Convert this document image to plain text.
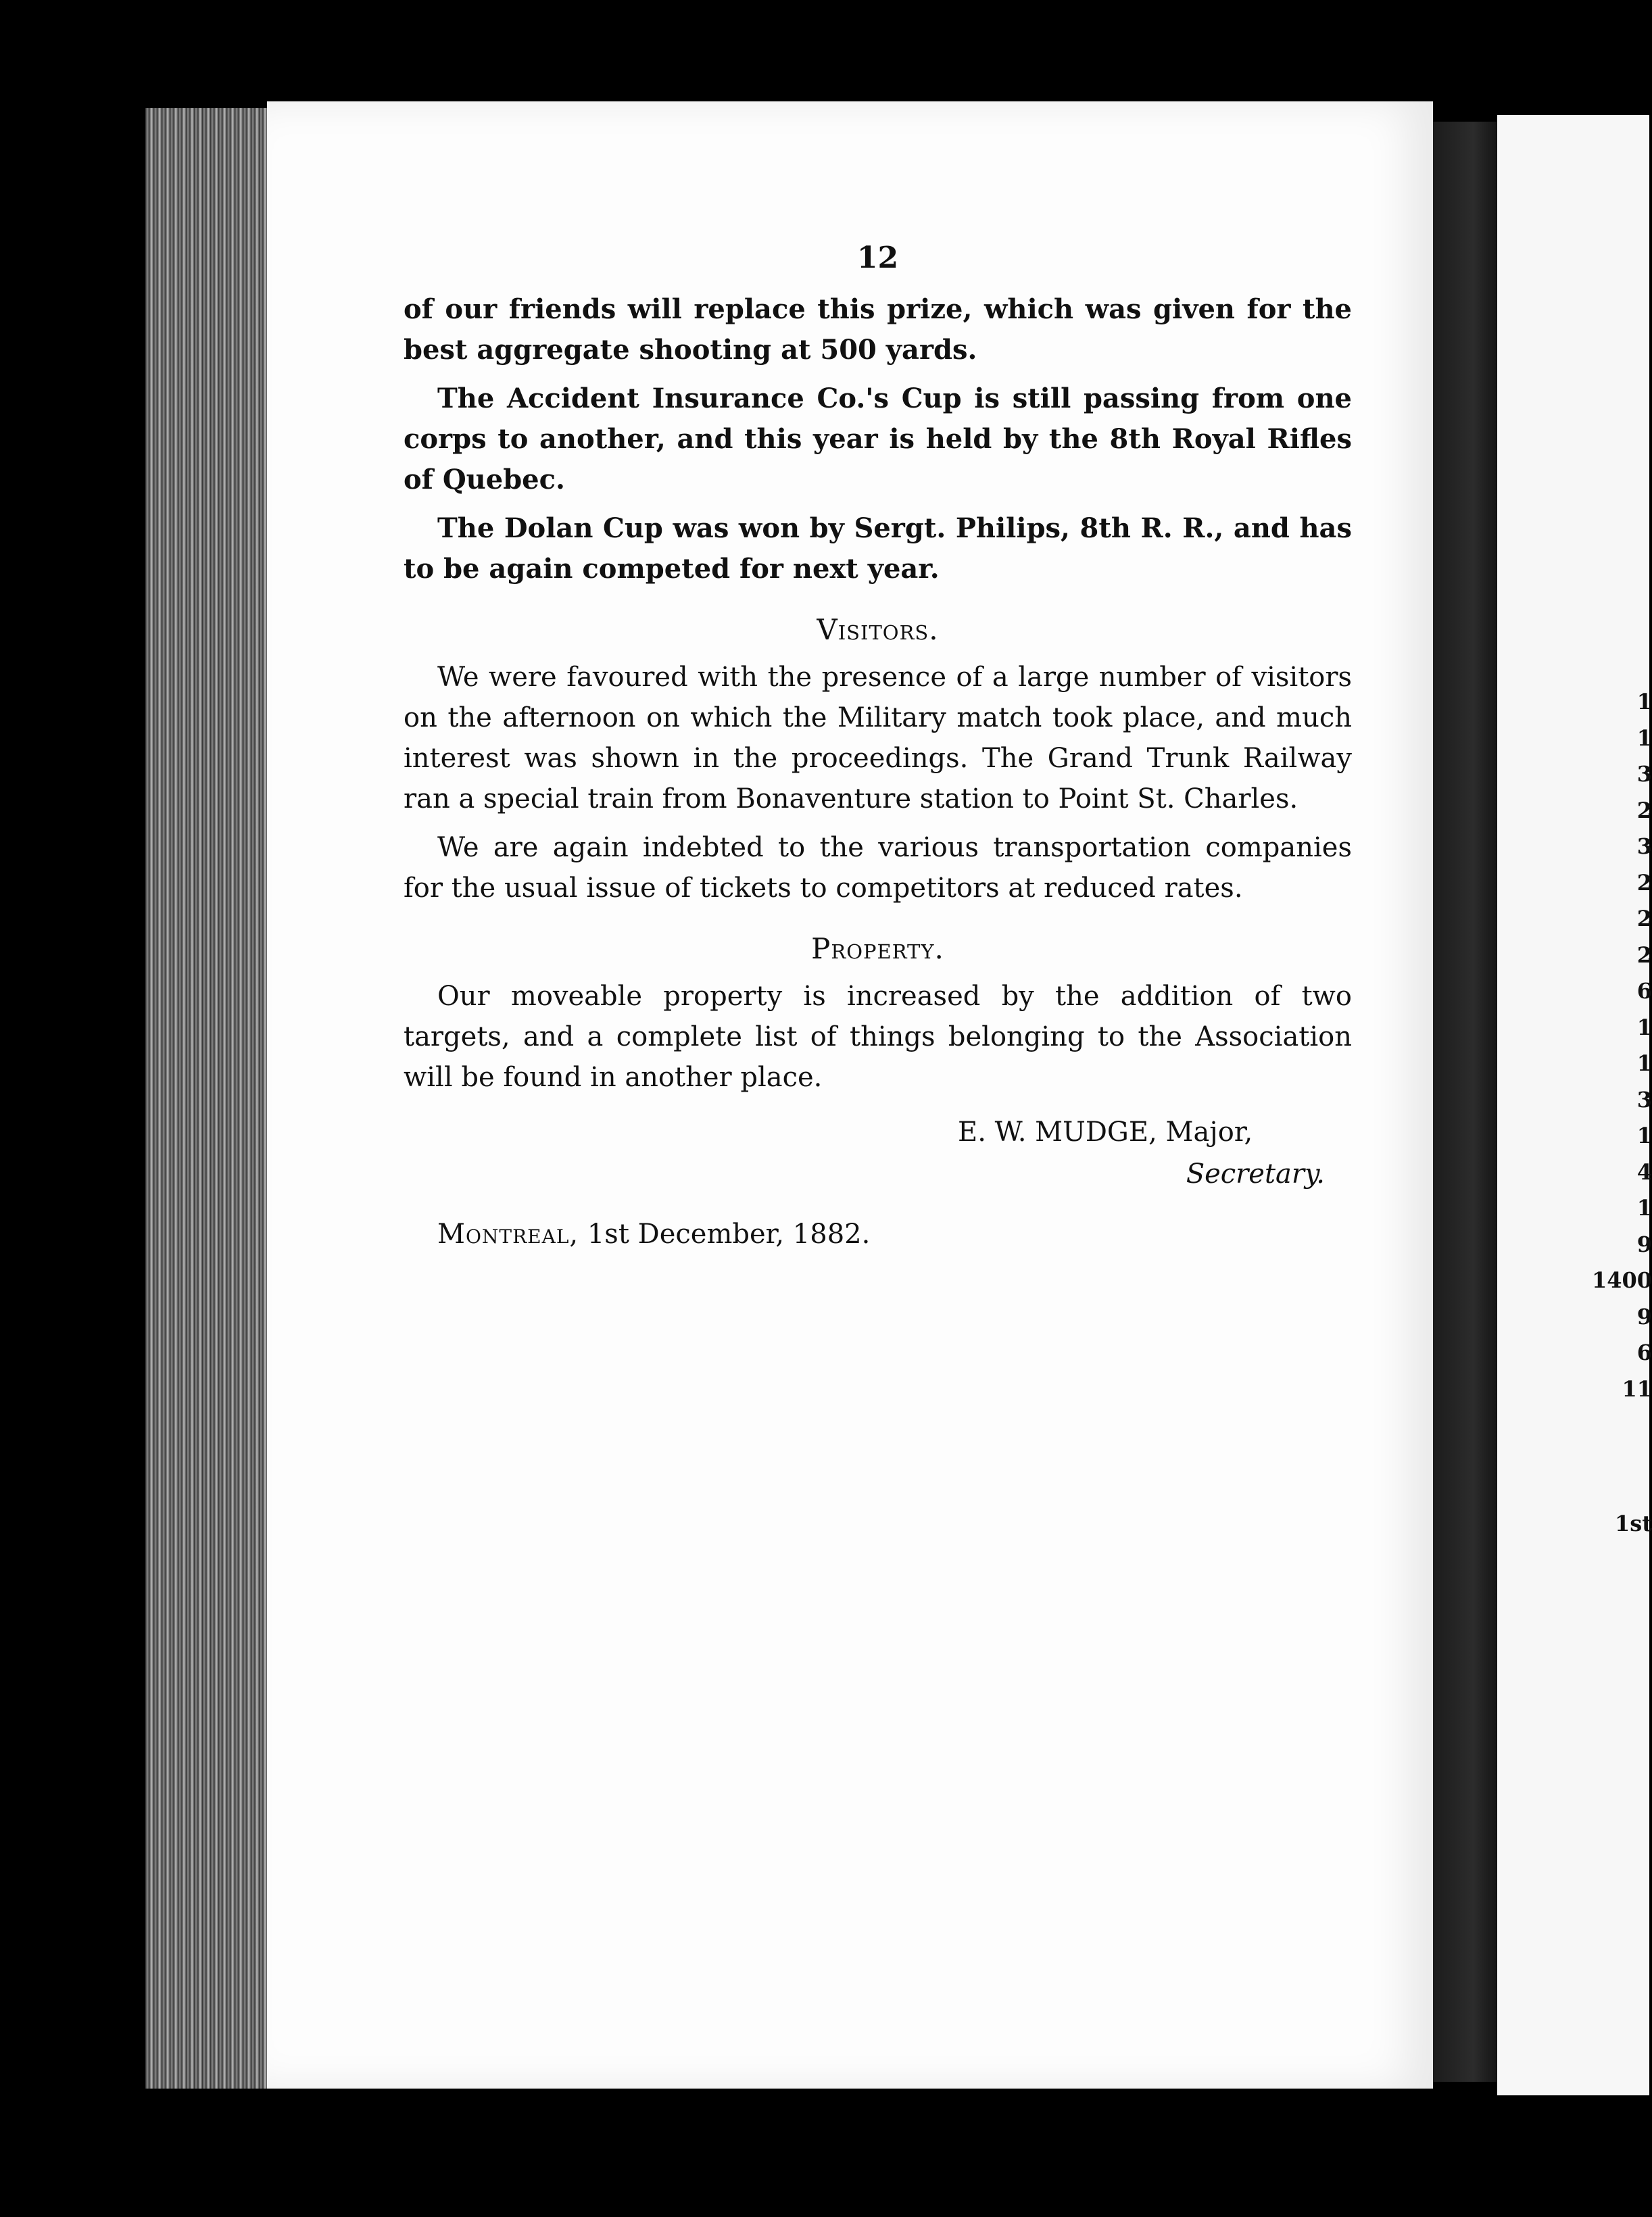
1
1
3
2
3
2
2
2
6
1
1
3
1
4
1
9
1400
9
6
11
1st
12

of our friends will replace this prize, which was given for the best aggregate shooting at 500 yards.

The Accident Insurance Co.'s Cup is still passing from one corps to another, and this year is held by the 8th Royal Rifles of Quebec.

The Dolan Cup was won by Sergt. Philips, 8th R. R., and has to be again competed for next year.

Visitors.

We were favoured with the presence of a large number of visitors on the afternoon on which the Military match took place, and much interest was shown in the proceedings. The Grand Trunk Railway ran a special train from Bonaventure station to Point St. Charles.

We are again indebted to the various transportation companies for the usual issue of tickets to competitors at reduced rates.

Property.

Our moveable property is increased by the addition of two targets, and a complete list of things belonging to the Association will be found in another place.

E. W. MUDGE, Major,
Secretary.
Montreal, 1st December, 1882.
